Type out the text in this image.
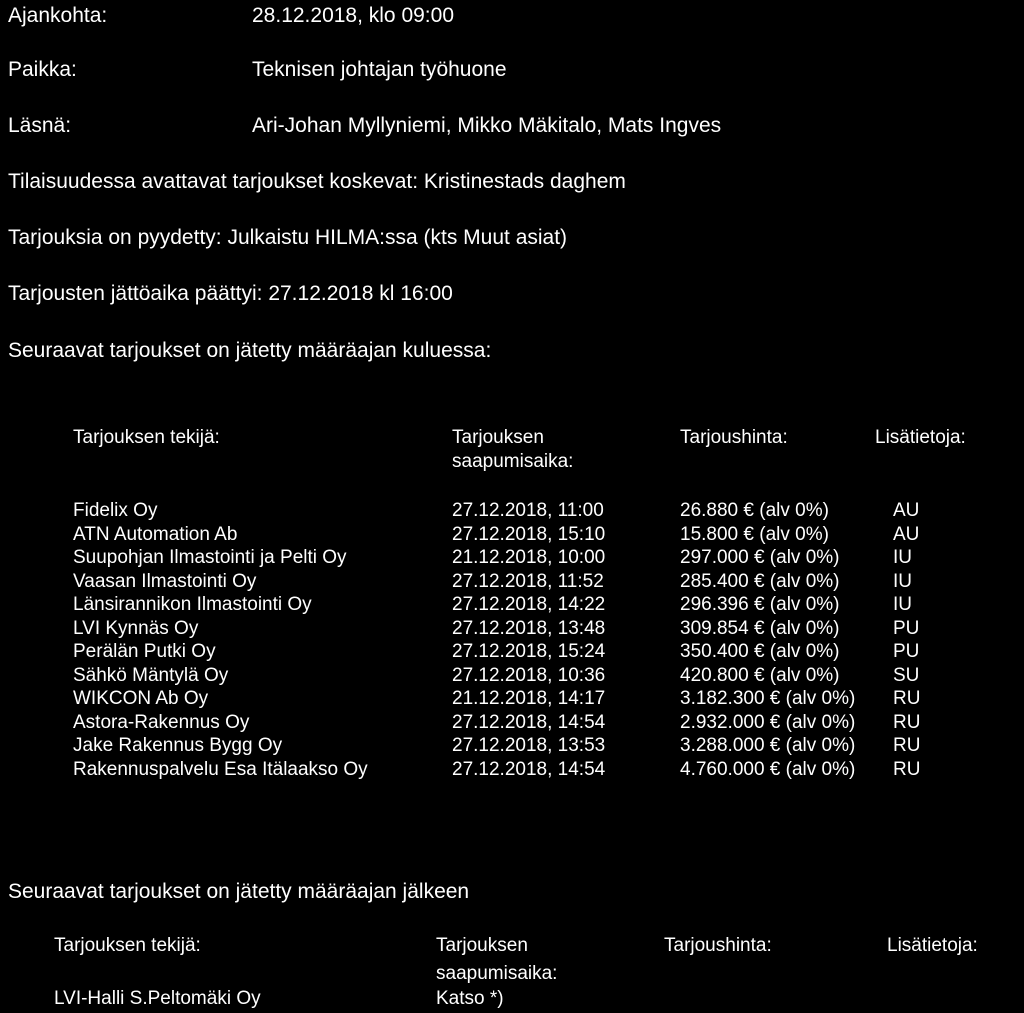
Ajankohta:	28.12.2018, klo 09:00
Paikka:	Teknisen johtajan työhuone
Läsnä:	Ari-Johan Myllyniemi, Mikko Mäkitalo, Mats Ingves
Tilaisuudessa avattavat tarjoukset koskevat: Kristinestads daghem
Tarjouksia on pyydetty: Julkaistu HILMA:ssa (kts Muut asiat)
Tarjousten jättöaika päättyi: 27.12.2018 kl 16:00
Seuraavat tarjoukset on jätetty määräajan kuluessa:
Tarjouksen tekijä:	Tarjouksen
saapumisaika:
Tarjoushinta:	Lisätietoja:
Fidelix Oy	27.12.2018, 11:00	26.880 € (alv 0%)	AU
ATN Automation Ab	27.12.2018, 15:10	15.800 € (alv 0%)	AU
Suupohjan Ilmastointi ja Pelti Oy	21.12.2018, 10:00	297.000 € (alv 0%)	IU
Vaasan Ilmastointi Oy	27.12.2018, 11:52	285.400 € (alv 0%)	IU
Länsirannikon Ilmastointi Oy	27.12.2018, 14:22	296.396 € (alv 0%)	IU
LVI Kynnäs Oy	27.12.2018, 13:48	309.854 € (alv 0%)	PU
Perälän Putki Oy	27.12.2018, 15:24	350.400 € (alv 0%)	PU
Sähkö Mäntylä Oy	27.12.2018, 10:36	420.800 € (alv 0%)	SU
WIKCON Ab Oy	21.12.2018, 14:17	3.182.300 € (alv 0%) RU
Astora-Rakennus Oy	27.12.2018, 14:54	2.932.000 € (alv 0%) RU
Jake Rakennus Bygg Oy	27.12.2018, 13:53	3.288.000 € (alv 0%) RU
Rakennuspalvelu Esa Itälaakso Oy	27.12.2018, 14:54	4.760.000 € (alv 0%) RU
Seuraavat tarjoukset on jätetty määräajan jälkeen
Tarjouksen tekijä:	Tarjouksen
saapumisaika:
Tarjoushinta:	Lisätietoja:
LVI-Halli S.Peltomäki Oy	Katso *)
